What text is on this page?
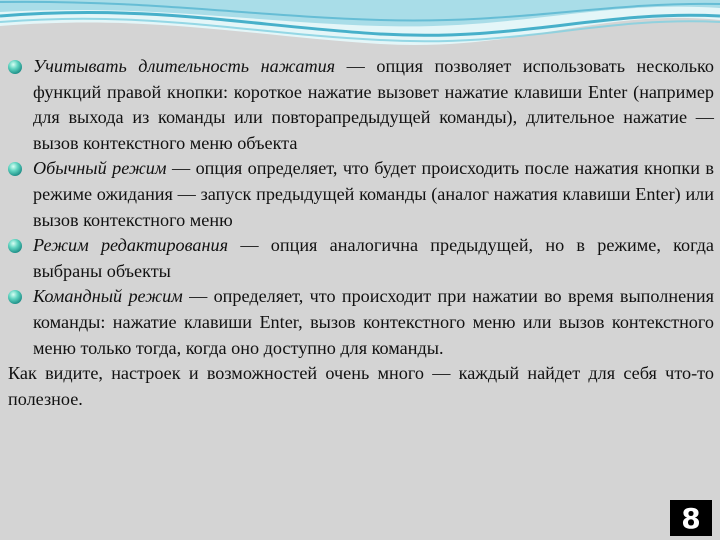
Учитывать длительность нажатия — опция позволяет использовать несколько функций правой кнопки: короткое нажатие вызовет нажатие клавиши Enter (например для выхода из команды или повторапредыдущей команды), длительное нажатие — вызов контекстного меню объекта

Обычный режим — опция определяет, что будет происходить после нажатия кнопки в режиме ожидания — запуск предыдущей команды (аналог нажатия клавиши Enter) или вызов контекстного меню

Режим редактирования — опция аналогична предыдущей, но в режиме, когда выбраны объекты

Командный режим — определяет, что происходит при нажатии во время выполнения команды: нажатие клавиши Enter, вызов контекстного меню или вызов контекстного меню только тогда, когда оно доступно для команды.

Как видите, настроек и возможностей очень много — каждый найдет для себя что-то полезное.

8
